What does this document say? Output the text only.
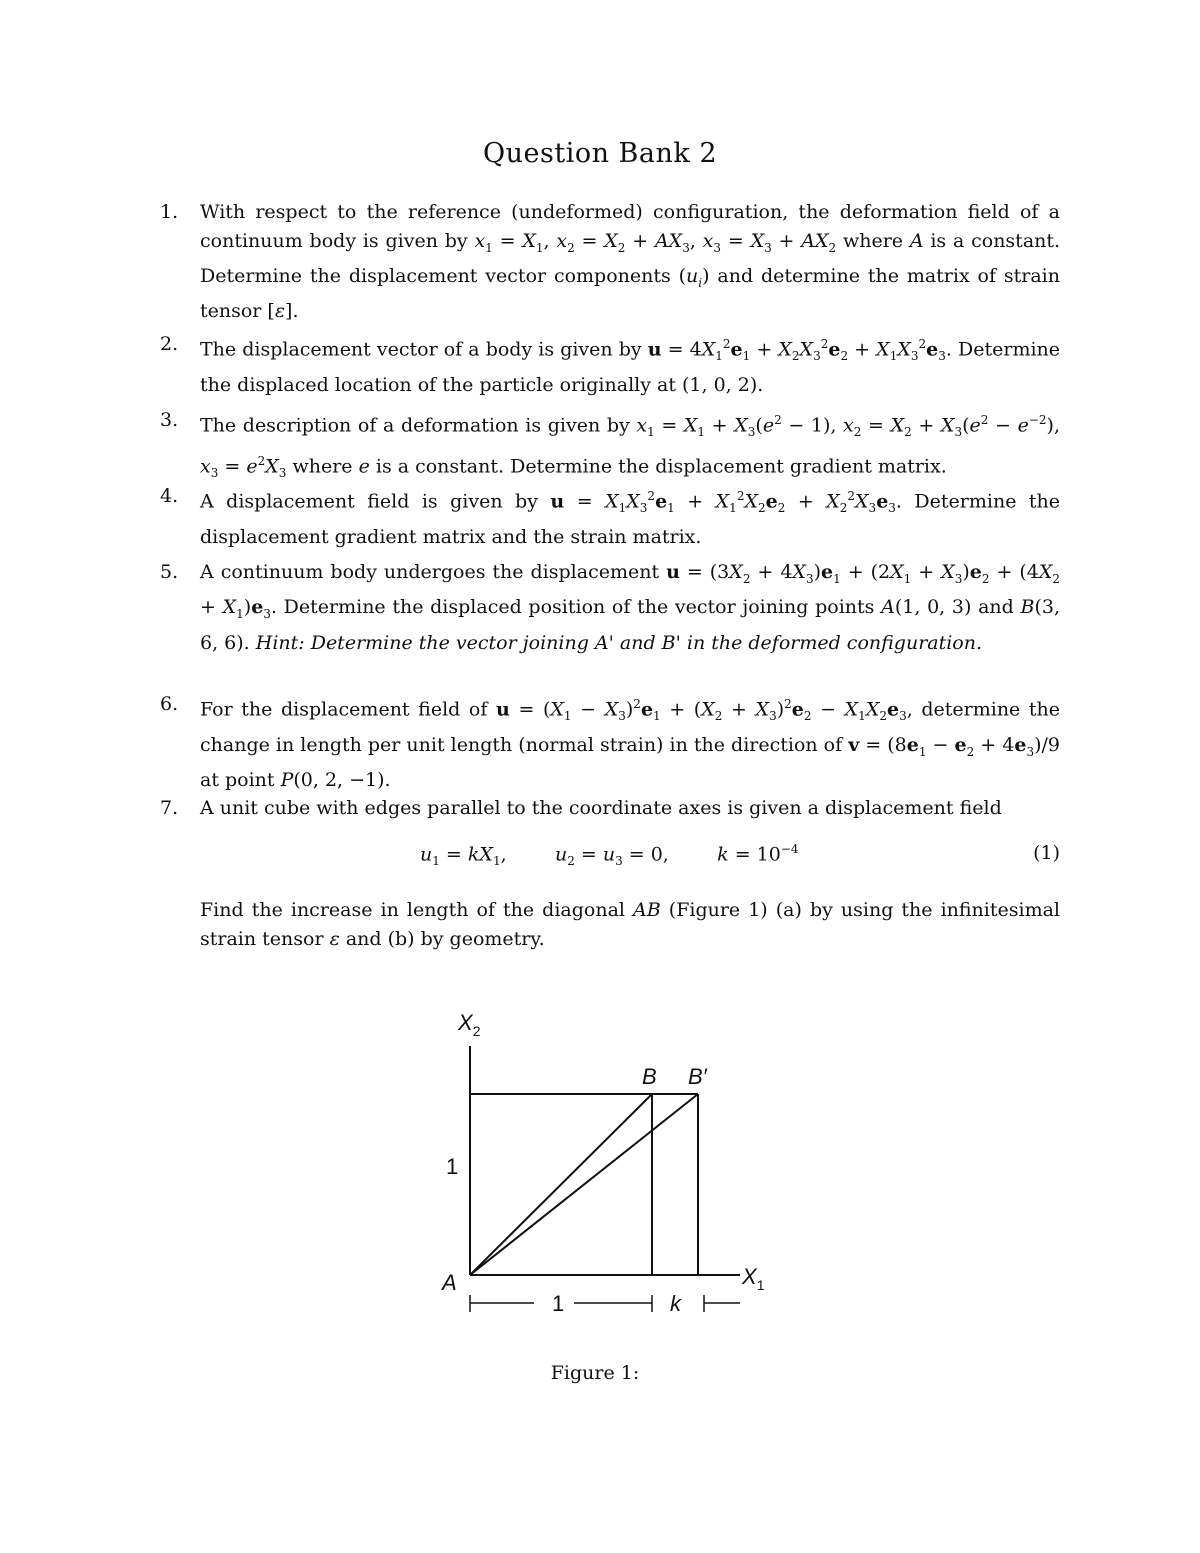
Question Bank 2
1.	With respect to the reference (undeformed) configuration, the deformation field of a continuum body is given by $x_1 = X_1$, $x_2 = X_2 + AX_3$, $x_3 = X_3 + AX_2$ where A is a constant. Determine the displacement vector components $(u_i)$ and determine the matrix of strain tensor [ε].
2.	The displacement vector of a body is given by $u = 4X_1^2e_1 + X_2X_3^2e_2 + X_1X_3^2e_3$. Determine the displaced location of the particle originally at (1, 0, 2).
3.	The description of a deformation is given by $x_1 = X_1 + X_3(e^2 - 1)$, $x_2 = X_2 + X_3(e^2 - e^{-2})$, $x_3 = e^2X_3$ where e is a constant. Determine the displacement gradient matrix.
4.	A displacement field is given by $u = X_1X_3^2e_1 + X_1^2X_2e_2 + X_2^2X_3e_3$. Determine the displacement gradient matrix and the strain matrix.
5.	A continuum body undergoes the displacement $u = (3X_2 + 4X_3)e_1 + (2X_1 + X_3)e_2 + (4X_2 + X_1)e_3$. Determine the displaced position of the vector joining points A(1, 0, 3) and B(3, 6, 6). Hint: Determine the vector joining A' and B' in the deformed configuration.
6.	For the displacement field of $u = (X_1 - X_3)^2e_1 + (X_2 + X_3)^2e_2 - X_1X_2e_3$, determine the change in length per unit length (normal strain) in the direction of $v = (8e_1 - e_2 + 4e_3)/9$ at point P(0, 2, −1).
7.	A unit cube with edges parallel to the coordinate axes is given a displacement field
$u_1 = kX_1$,        $u_2 = u_3 = 0$,        $k = 10^{-4}$	(1)
Find the increase in length of the diagonal AB (Figure 1) (a) by using the infinitesimal strain tensor ε and (b) by geometry.
$X_2$
B B′
1
A	$X_1$
1	k
Figure 1:
